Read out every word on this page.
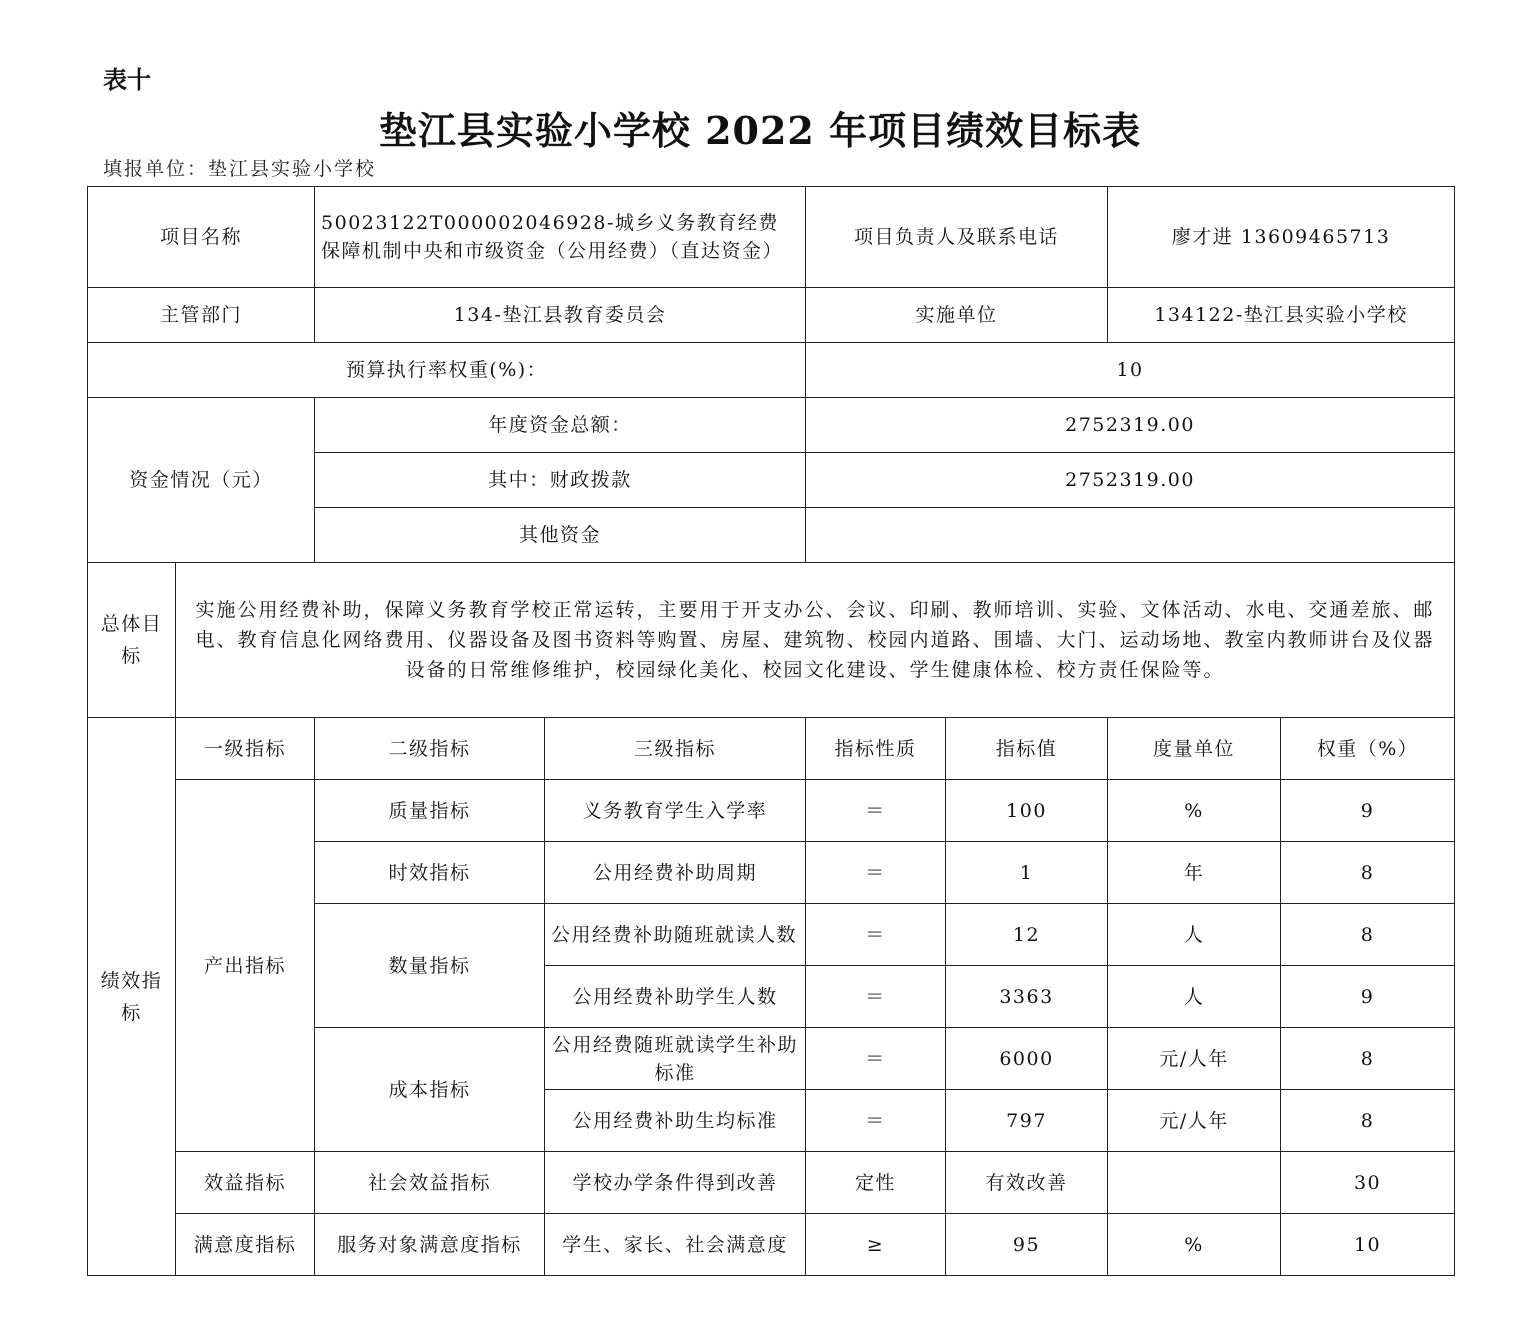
表十
垫江县实验小学校 2022 年项目绩效目标表
填报单位：垫江县实验小学校
项目名称		50023122T000002046928-城乡义务教育经费保障机制中央和市级资金（公用经费）（直达资金）		项目负责人及联系电话		廖才进 13609465713	
主管部门		134-垫江县教育委员会		实施单位		134122-垫江县实验小学校	
预算执行率权重(%)：				10			
资金情况（元）		年度资金总额：		2752319.00			
		其中：财政拨款		2752319.00			
		其他资金					
总体目标	实施公用经费补助，保障义务教育学校正常运转，主要用于开支办公、会议、印刷、教师培训、实验、文体活动、水电、交通差旅、邮电、教育信息化网络费用、仪器设备及图书资料等购置、房屋、建筑物、校园内道路、围墙、大门、运动场地、教室内教师讲台及仪器设备的日常维修维护，校园绿化美化、校园文化建设、学生健康体检、校方责任保险等。						
绩效指标	一级指标	二级指标	三级指标	指标性质	指标值	度量单位	权重（%）
	产出指标	质量指标	义务教育学生入学率	＝	100	%	9
		时效指标	公用经费补助周期	＝	1	年	8
		数量指标	公用经费补助随班就读人数	＝	12	人	8
			公用经费补助学生人数	＝	3363	人	9
		成本指标	公用经费随班就读学生补助标准	＝	6000	元/人年	8
			公用经费补助生均标准	＝	797	元/人年	8
	效益指标	社会效益指标	学校办学条件得到改善	定性	有效改善		30
	满意度指标	服务对象满意度指标	学生、家长、社会满意度	≥	95	%	10
